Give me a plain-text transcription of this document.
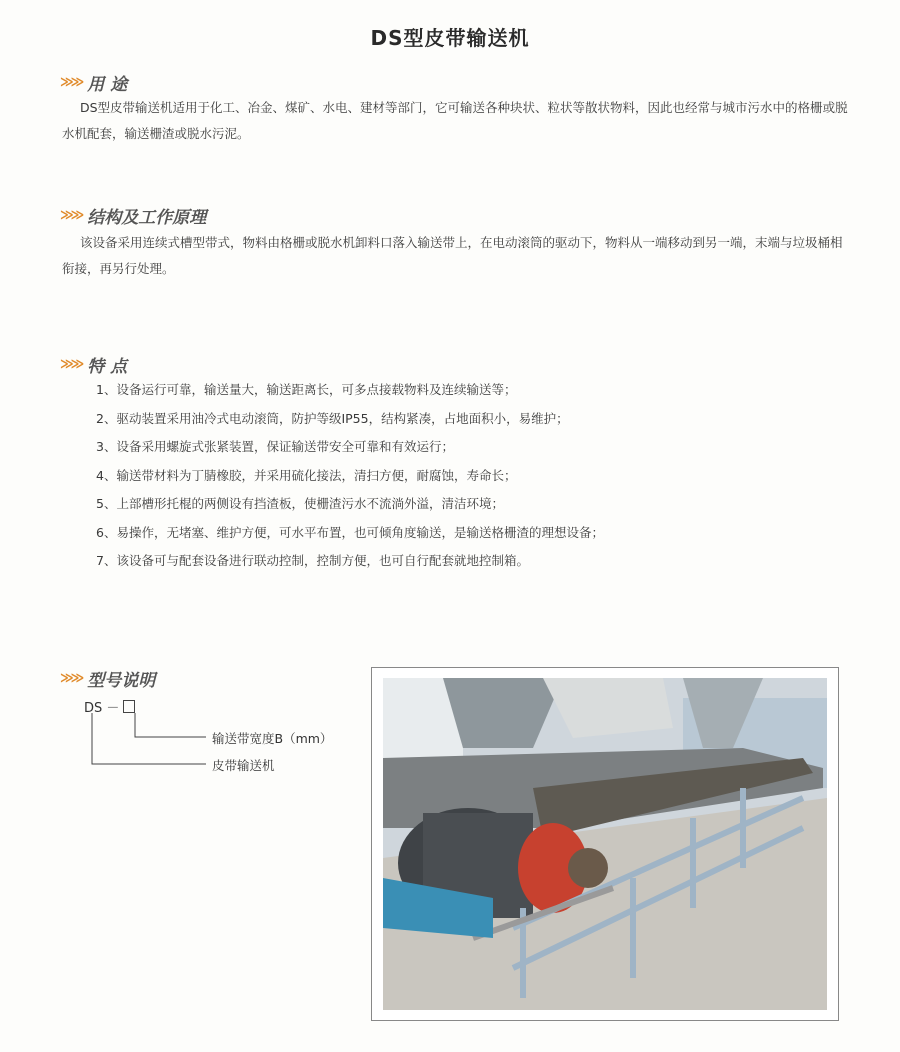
DS型皮带输送机
≫≫ 用 途
DS型皮带输送机适用于化工、冶金、煤矿、水电、建材等部门，它可输送各种块状、粒状等散状物料，因此也经常与城市污水中的格栅或脱水机配套，输送栅渣或脱水污泥。
≫≫ 结构及工作原理
该设备采用连续式槽型带式，物料由格栅或脱水机卸料口落入输送带上，在电动滚筒的驱动下，物料从一端移动到另一端，末端与垃圾桶相衔接，再另行处理。
≫≫ 特 点
1、设备运行可靠，输送量大，输送距离长，可多点接载物料及连续输送等；
2、驱动装置采用油冷式电动滚筒，防护等级IP55，结构紧凑，占地面积小，易维护；
3、设备采用螺旋式张紧装置，保证输送带安全可靠和有效运行；
4、输送带材料为丁腈橡胶，并采用硫化接法，清扫方便，耐腐蚀，寿命长；
5、上部槽形托棍的两侧设有挡渣板，使栅渣污水不流淌外溢，清洁环境；
6、易操作，无堵塞、维护方便，可水平布置，也可倾角度输送，是输送格栅渣的理想设备；
7、该设备可与配套设备进行联动控制，控制方便，也可自行配套就地控制箱。
≫≫ 型号说明
DS －
输送带宽度B（mm）
皮带输送机
